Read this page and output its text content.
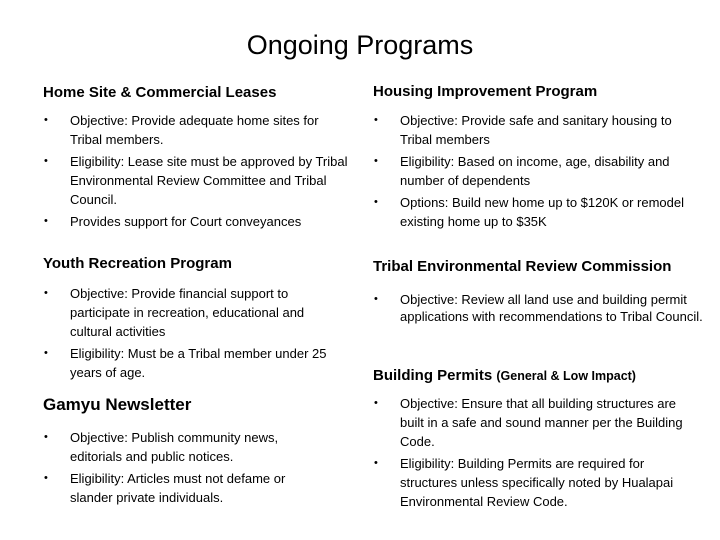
Ongoing Programs
Home Site & Commercial Leases
• Objective: Provide adequate home sites for Tribal members.
• Eligibility: Lease site must be approved by Tribal Environmental Review Committee and Tribal Council.
• Provides support for Court conveyances
Youth Recreation Program
• Objective: Provide financial support to participate in recreation, educational and cultural activities
• Eligibility: Must be a Tribal member under 25 years of age.
Gamyu Newsletter
• Objective: Publish community news, editorials and public notices.
• Eligibility: Articles must not defame or slander private individuals.
Housing Improvement Program
• Objective: Provide safe and sanitary housing to Tribal members
• Eligibility: Based on income, age, disability and number of dependents
• Options: Build new home up to $120K or remodel existing home up to $35K
Tribal Environmental Review Commission
• Objective: Review all land use and building permit applications with recommendations to Tribal Council.
Building Permits (General & Low Impact)
• Objective: Ensure that all building structures are built in a safe and sound manner per the Building Code.
• Eligibility: Building Permits are required for structures unless specifically noted by Hualapai Environmental Review Code.
